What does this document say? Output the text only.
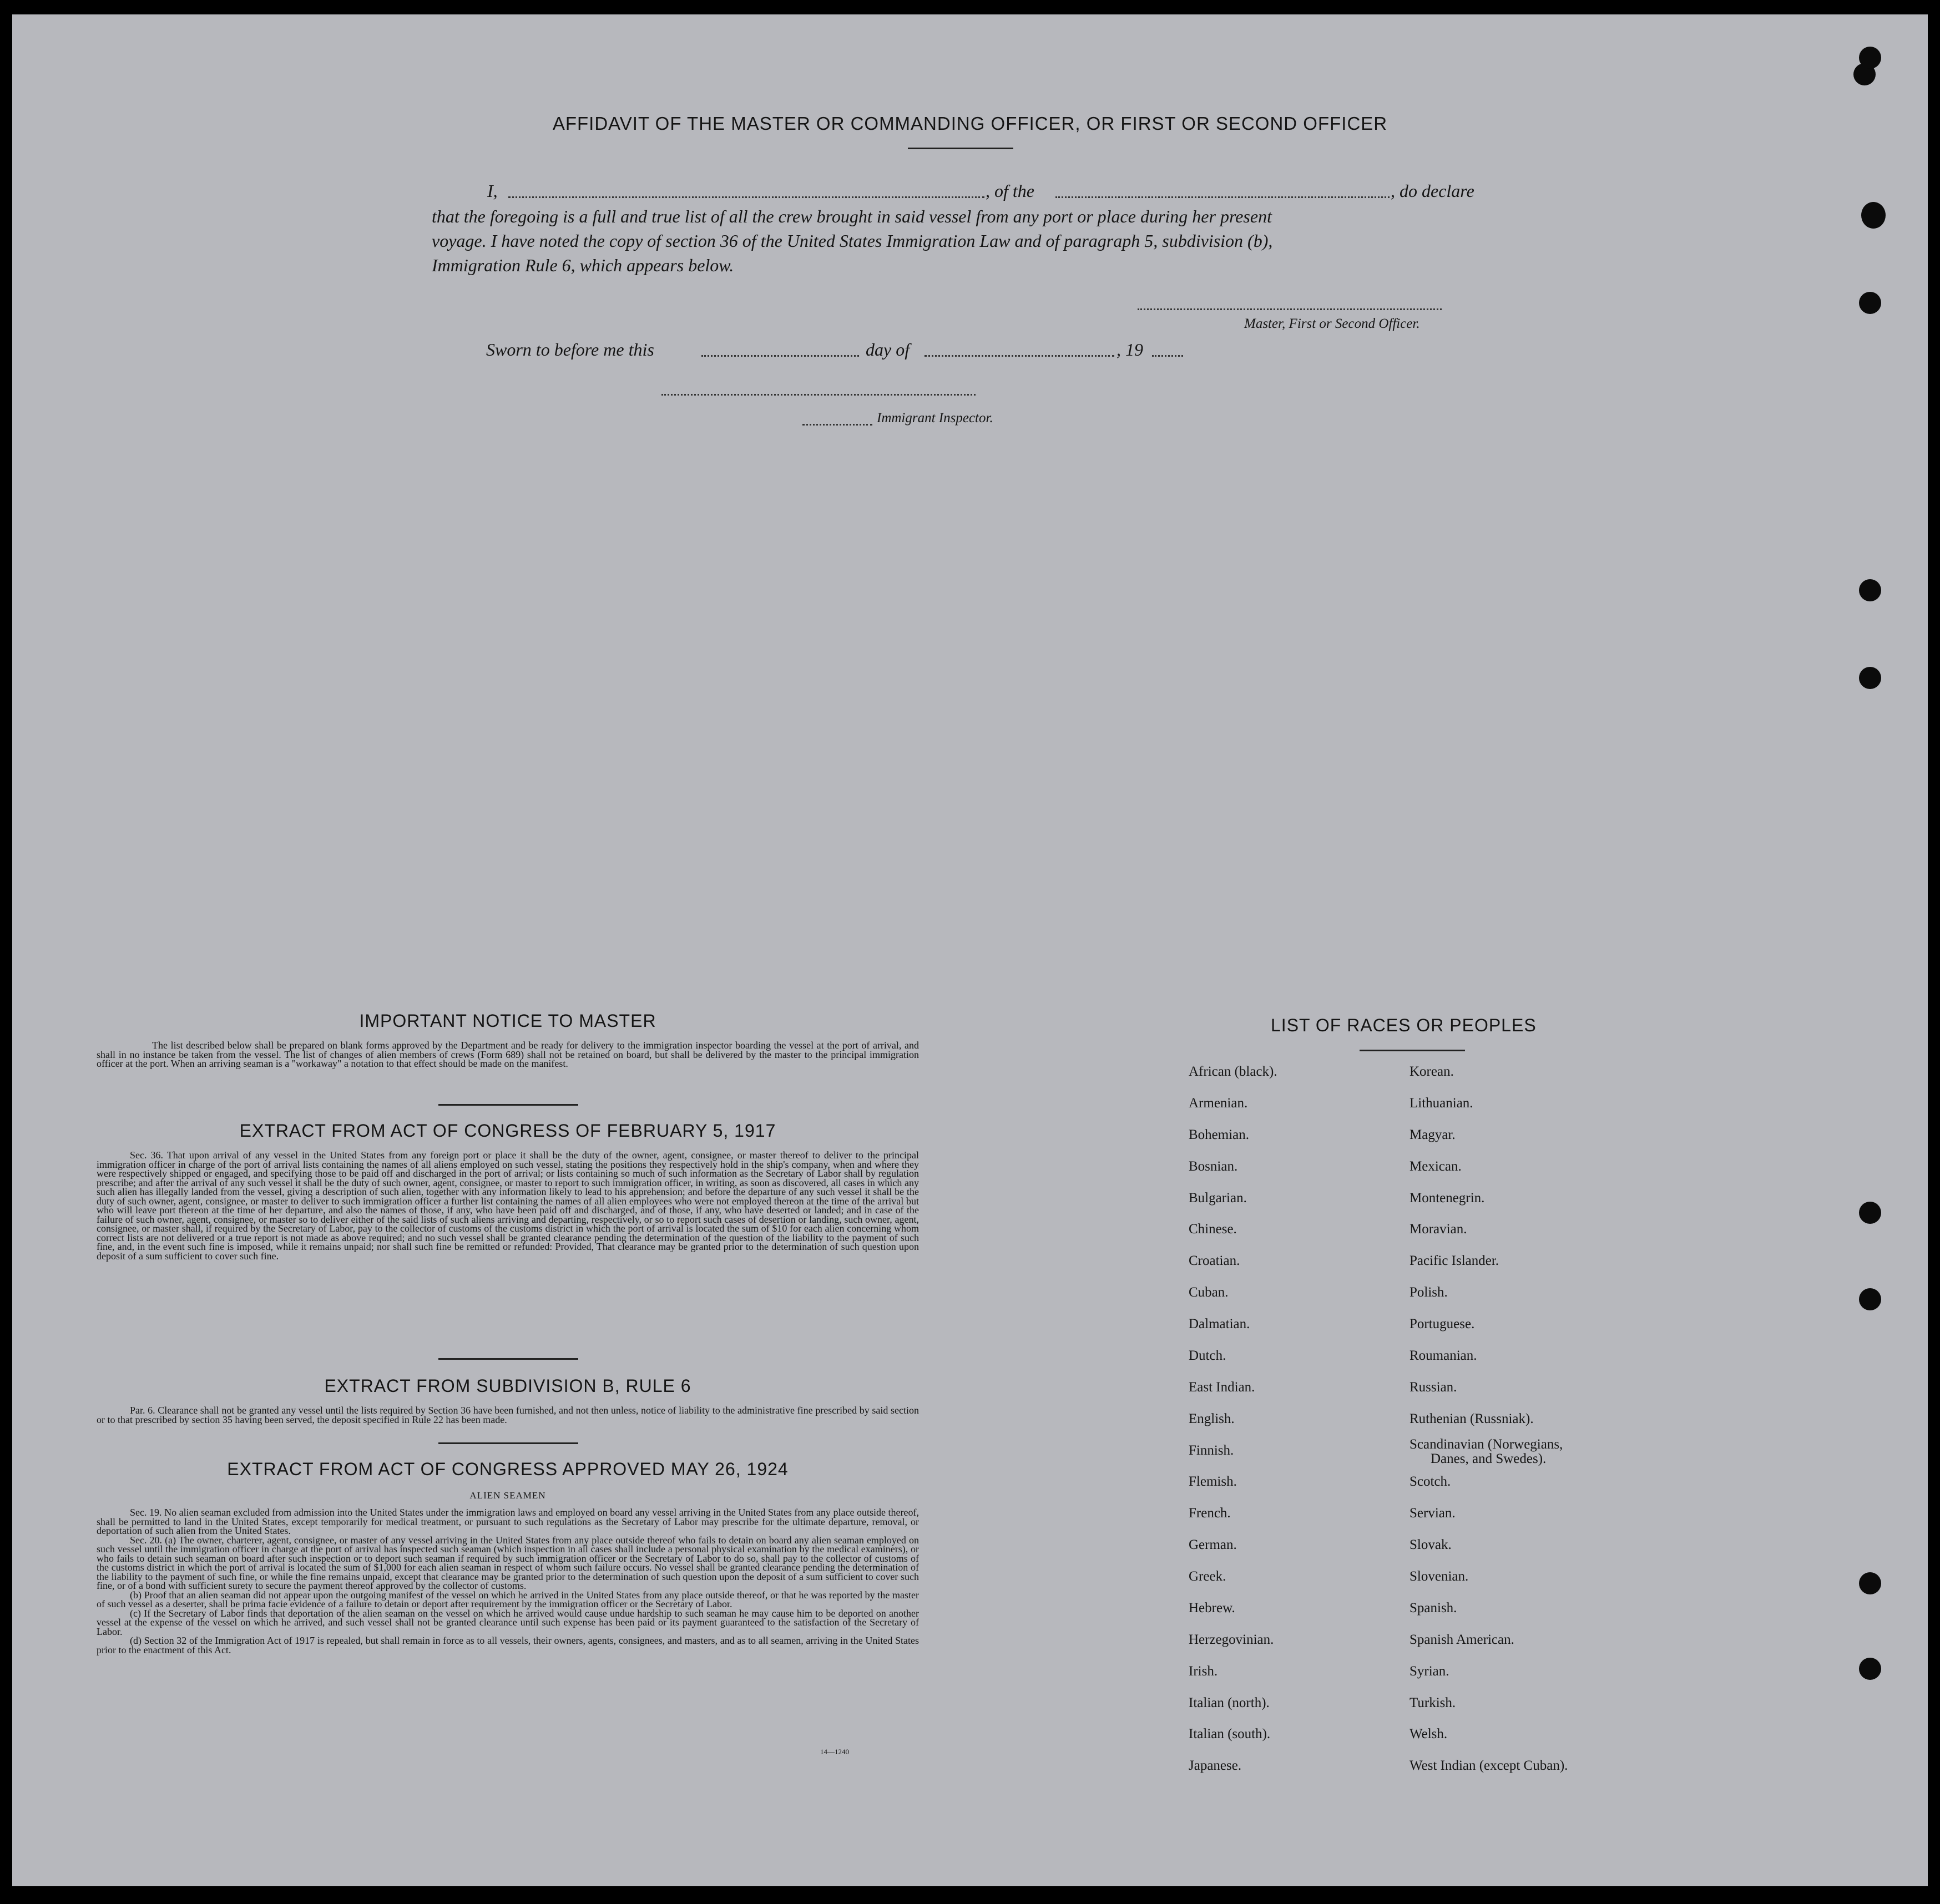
AFFIDAVIT OF THE MASTER OR COMMANDING OFFICER, OR FIRST OR SECOND OFFICER
I,	, of the	, do declare
that the foregoing is a full and true list of all the crew brought in said vessel from any port or place during her present
voyage. I have noted the copy of section 36 of the United States Immigration Law and of paragraph 5, subdivision (b),
Immigration Rule 6, which appears below.
Master, First or Second Officer.
Sworn to before me this	day of	, 19
Immigrant Inspector.
IMPORTANT NOTICE TO MASTER
The list described below shall be prepared on blank forms approved by the Department and be ready for delivery to the immigration inspector boarding the vessel at the port of arrival, and shall in no instance be taken from the vessel. The list of changes of alien members of crews (Form 689) shall not be retained on board, but shall be delivered by the master to the principal immigration officer at the port. When an arriving seaman is a "workaway" a notation to that effect should be made on the manifest.
EXTRACT FROM ACT OF CONGRESS OF FEBRUARY 5, 1917
Sec. 36. That upon arrival of any vessel in the United States from any foreign port or place it shall be the duty of the owner, agent, consignee, or master thereof to deliver to the principal immigration officer in charge of the port of arrival lists containing the names of all aliens employed on such vessel, stating the positions they respectively hold in the ship's company, when and where they were respectively shipped or engaged, and specifying those to be paid off and discharged in the port of arrival; or lists containing so much of such information as the Secretary of Labor shall by regulation prescribe; and after the arrival of any such vessel it shall be the duty of such owner, agent, consignee, or master to report to such immigration officer, in writing, as soon as discovered, all cases in which any such alien has illegally landed from the vessel, giving a description of such alien, together with any information likely to lead to his apprehension; and before the departure of any such vessel it shall be the duty of such owner, agent, consignee, or master to deliver to such immigration officer a further list containing the names of all alien employees who were not employed thereon at the time of the arrival but who will leave port thereon at the time of her departure, and also the names of those, if any, who have been paid off and discharged, and of those, if any, who have deserted or landed; and in case of the failure of such owner, agent, consignee, or master so to deliver either of the said lists of such aliens arriving and departing, respectively, or so to report such cases of desertion or landing, such owner, agent, consignee, or master shall, if required by the Secretary of Labor, pay to the collector of customs of the customs district in which the port of arrival is located the sum of $10 for each alien concerning whom correct lists are not delivered or a true report is not made as above required; and no such vessel shall be granted clearance pending the determination of the question of the liability to the payment of such fine, and, in the event such fine is imposed, while it remains unpaid; nor shall such fine be remitted or refunded: Provided, That clearance may be granted prior to the determination of such question upon deposit of a sum sufficient to cover such fine.
EXTRACT FROM SUBDIVISION B, RULE 6
Par. 6. Clearance shall not be granted any vessel until the lists required by Section 36 have been furnished, and not then unless, notice of liability to the administrative fine prescribed by said section or to that prescribed by section 35 having been served, the deposit specified in Rule 22 has been made.
EXTRACT FROM ACT OF CONGRESS APPROVED MAY 26, 1924
ALIEN SEAMEN
Sec. 19. No alien seaman excluded from admission into the United States under the immigration laws and employed on board any vessel arriving in the United States from any place outside thereof, shall be permitted to land in the United States, except temporarily for medical treatment, or pursuant to such regulations as the Secretary of Labor may prescribe for the ultimate departure, removal, or deportation of such alien from the United States.
Sec. 20. (a) The owner, charterer, agent, consignee, or master of any vessel arriving in the United States from any place outside thereof who fails to detain on board any alien seaman employed on such vessel until the immigration officer in charge at the port of arrival has inspected such seaman (which inspection in all cases shall include a personal physical examination by the medical examiners), or who fails to detain such seaman on board after such inspection or to deport such seaman if required by such immigration officer or the Secretary of Labor to do so, shall pay to the collector of customs of the customs district in which the port of arrival is located the sum of $1,000 for each alien seaman in respect of whom such failure occurs. No vessel shall be granted clearance pending the determination of the liability to the payment of such fine, or while the fine remains unpaid, except that clearance may be granted prior to the determination of such question upon the deposit of a sum sufficient to cover such fine, or of a bond with sufficient surety to secure the payment thereof approved by the collector of customs.
(b) Proof that an alien seaman did not appear upon the outgoing manifest of the vessel on which he arrived in the United States from any place outside thereof, or that he was reported by the master of such vessel as a deserter, shall be prima facie evidence of a failure to detain or deport after requirement by the immigration officer or the Secretary of Labor.
(c) If the Secretary of Labor finds that deportation of the alien seaman on the vessel on which he arrived would cause undue hardship to such seaman he may cause him to be deported on another vessel at the expense of the vessel on which he arrived, and such vessel shall not be granted clearance until such expense has been paid or its payment guaranteed to the satisfaction of the Secretary of Labor.
(d) Section 32 of the Immigration Act of 1917 is repealed, but shall remain in force as to all vessels, their owners, agents, consignees, and masters, and as to all seamen, arriving in the United States prior to the enactment of this Act.
14—1240
LIST OF RACES OR PEOPLES
African (black).
Armenian.
Bohemian.
Bosnian.
Bulgarian.
Chinese.
Croatian.
Cuban.
Dalmatian.
Dutch.
East Indian.
English.
Finnish.
Flemish.
French.
German.
Greek.
Hebrew.
Herzegovinian.
Irish.
Italian (north).
Italian (south).
Japanese.
Korean.
Lithuanian.
Magyar.
Mexican.
Montenegrin.
Moravian.
Pacific Islander.
Polish.
Portuguese.
Roumanian.
Russian.
Ruthenian (Russniak).
Scandinavian (Norwegians,
Danes, and Swedes).
Scotch.
Servian.
Slovak.
Slovenian.
Spanish.
Spanish American.
Syrian.
Turkish.
Welsh.
West Indian (except Cuban).
